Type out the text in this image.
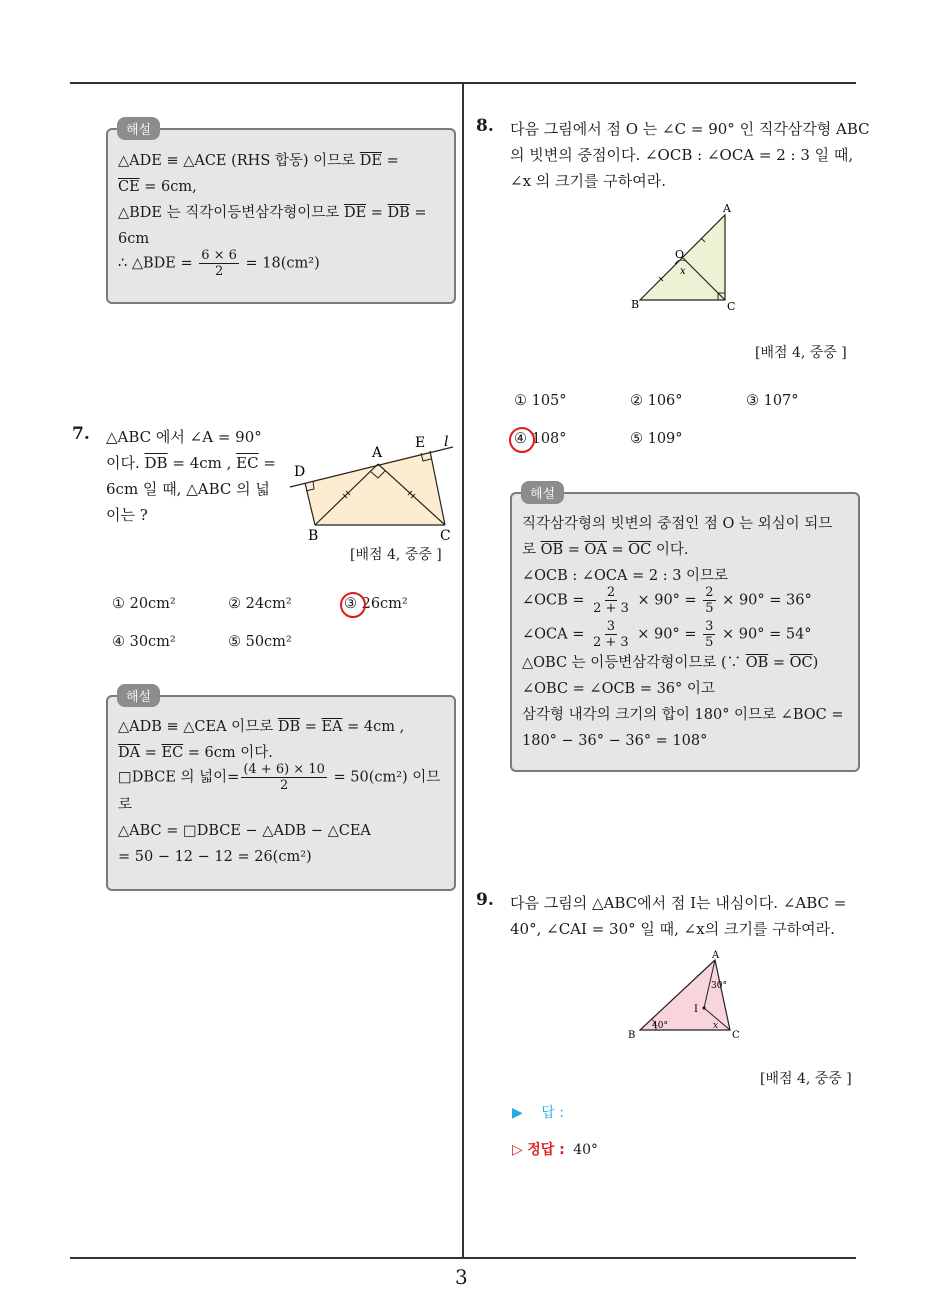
3
해설
△ADE ≡ △ACE (RHS 합동) 이므로 $\overline{DE}$ =
$\overline{CE} = 6cm$,
△BDE 는 직각이등변삼각형이므로 $\overline{DE} = \overline{DB}$ =
6cm
∴ △BDE = $\frac{6 \times 6}{2} = 18(cm^2)$
7. △ABC 에서 ∠A = 90°
이다. $\overline{DB} = 4cm$ , $\overline{EC}$ =
6cm 일 때, △ABC 의 넓
이는 ?
D
A
E l
B	C
[배점 4, 중중 ]
① 20cm²	② 24cm²	③ 26cm²
④ 30cm²	⑤ 50cm²
해설
△ADB ≡ △CEA 이므로 $\overline{DB} = \overline{EA} = 4cm$ ,
$\overline{DA} = \overline{EC} = 6cm$ 이다.
□DBCE 의 넓이= $\frac{(4 + 6) \times 10}{2} = 50(cm^2)$ 이므
로
△ABC = □DBCE − △ADB − △CEA
= 50 − 12 − 12 = 26(cm²)
8. 다음 그림에서 점 O 는 ∠C = 90° 인 직각삼각형 ABC
의 빗변의 중점이다. ∠OCB : ∠OCA = 2 : 3 일 때,
∠x 의 크기를 구하여라.
A
O
x
B	C
[배점 4, 중중 ]
① 105°	② 106°	③ 107°
④ 108°	⑤ 109°
해설
직각삼각형의 빗변의 중점인 점 O 는 외심이 되므
로 $\overline{OB} = \overline{OA} = \overline{OC}$ 이다.
∠OCB : ∠OCA = 2 : 3 이므로
∠OCB = $\frac{2}{2 + 3} \times 90^\circ = \frac{2}{5} \times 90^\circ = 36^\circ$
∠OCA = $\frac{3}{2 + 3} \times 90^\circ = \frac{3}{5} \times 90^\circ = 54^\circ$
△OBC 는 이등변삼각형이므로 (∵ $\overline{OB} = \overline{OC}$)
∠OBC = ∠OCB = 36° 이고
삼각형 내각의 크기의 합이 180° 이므로 ∠BOC =
180° − 36° − 36° = 108°
9. 다음 그림의 △ABC에서 점 I는 내심이다. ∠ABC =
40°, ∠CAI = 30° 일 때, ∠x의 크기를 구하여라.
A
30°
I
B
40°	x
C
[배점 4, 중중 ]
▶ 답 :
▷ 정답 : 40°
